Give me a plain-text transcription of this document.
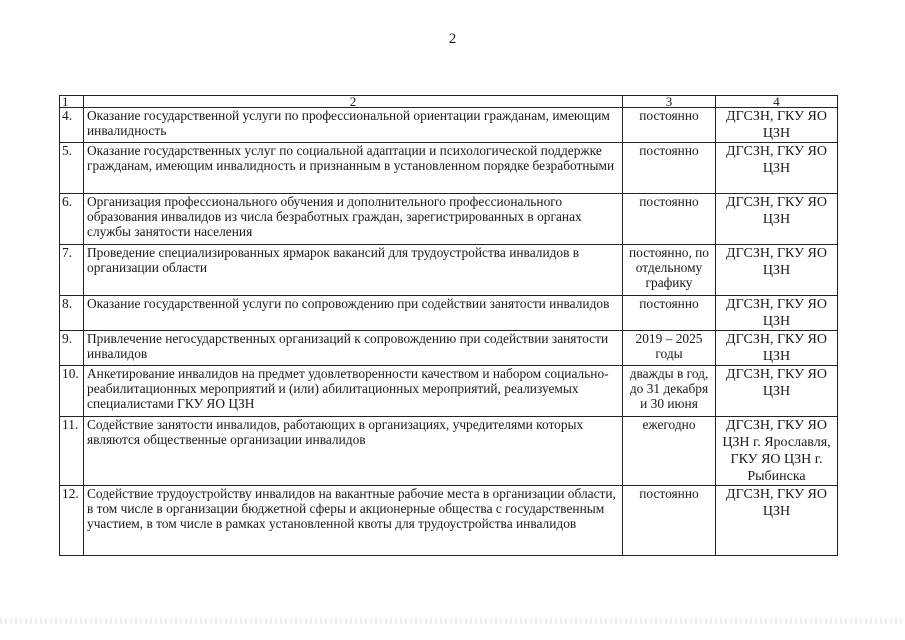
2
1	2	3	4
4.	Оказание государственной услуги по профессиональной ориентации гражданам, имеющим инвалидность	постоянно	ДГСЗН, ГКУ ЯО ЦЗН
5.	Оказание государственных услуг по социальной адаптации и психологической поддержке гражданам, имеющим инвалидность и признанным в установленном порядке безработными	постоянно	ДГСЗН, ГКУ ЯО ЦЗН
6.	Организация профессионального обучения и дополнительного профессионального образования инвалидов из числа безработных граждан, зарегистрированных в органах службы занятости населения	постоянно	ДГСЗН, ГКУ ЯО ЦЗН
7.	Проведение специализированных ярмарок вакансий для трудоустройства инвалидов в организации области	постоянно, по отдельному графику	ДГСЗН, ГКУ ЯО ЦЗН
8.	Оказание государственной услуги по сопровождению при содействии занятости инвалидов	постоянно	ДГСЗН, ГКУ ЯО ЦЗН
9.	Привлечение негосударственных организаций к сопровождению при содействии занятости инвалидов	2019 – 2025 годы	ДГСЗН, ГКУ ЯО ЦЗН
10.	Анкетирование инвалидов на предмет удовлетворенности качеством и набором социально-реабилитационных мероприятий и (или) абилитационных мероприятий, реализуемых специалистами ГКУ ЯО ЦЗН	дважды в год, до 31 декабря и 30 июня	ДГСЗН, ГКУ ЯО ЦЗН
11.	Содействие занятости инвалидов, работающих в организациях, учредителями которых являются общественные организации инвалидов	ежегодно	ДГСЗН, ГКУ ЯО ЦЗН г. Ярославля, ГКУ ЯО ЦЗН г. Рыбинска
12.	Содействие трудоустройству инвалидов на вакантные рабочие места в организации области, в том числе в организации бюджетной сферы и акционерные общества с государственным участием, в том числе в рамках установленной квоты для трудоустройства инвалидов	постоянно	ДГСЗН, ГКУ ЯО ЦЗН
